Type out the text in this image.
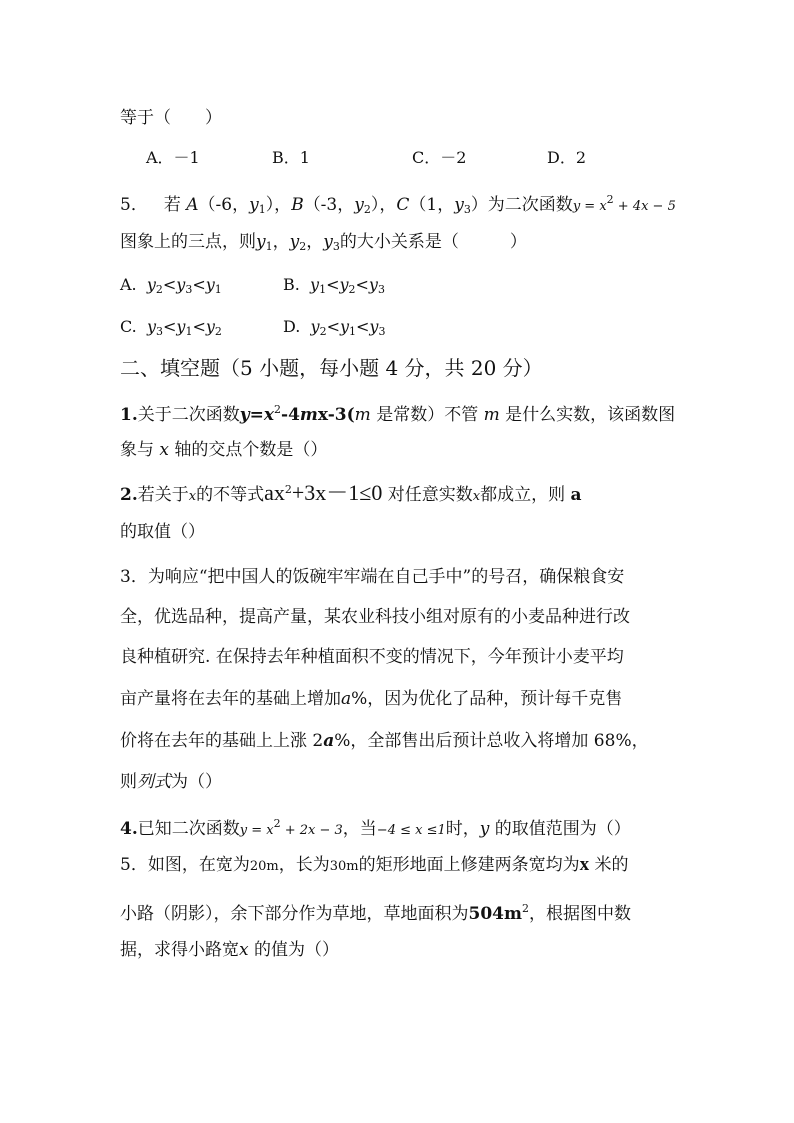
等于（　　）
A．－1	B．1	C．－2	D．2
5． 若 A（-6，$y_1$），B（-3，$y_2$），C（1，$y_3$）为二次函数$y = x^2 + 4x - 5$
图象上的三点，则$y_1$，$y_2$，$y_3$的大小关系是（　　　）
A. $y_2<y_3<y_1$	B. $y_1<y_2<y_3$
C. $y_3<y_1<y_2$	D. $y_2<y_1<y_3$
二、填空题（5 小题，每小题 4 分，共 20 分）
1.关于二次函数$y=x^2-4mx-3(m$ 是常数）不管 m 是什么实数，该函数图
象与 x 轴的交点个数是（）
2.若关于x的不等式$ax^2+3x-1\le 0$ 对任意实数x都成立，则 a
的取值（）
3．为响应“把中国人的饭碗牢牢端在自己手中”的号召，确保粮食安
全，优选品种，提高产量，某农业科技小组对原有的小麦品种进行改
良种植研究. 在保持去年种植面积不变的情况下，今年预计小麦平均
亩产量将在去年的基础上增加a%，因为优化了品种，预计每千克售
价将在去年的基础上上涨 2a%，全部售出后预计总收入将增加 68%，
则列式为（）
4.已知二次函数$y = x^2 + 2x - 3$，当−4 ≤ x ≤1时，y 的取值范围为（）
5．如图，在宽为20m，长为30m的矩形地面上修建两条宽均为x 米的
小路（阴影），余下部分作为草地，草地面积为$504m^2$，根据图中数
据，求得小路宽x 的值为（）
